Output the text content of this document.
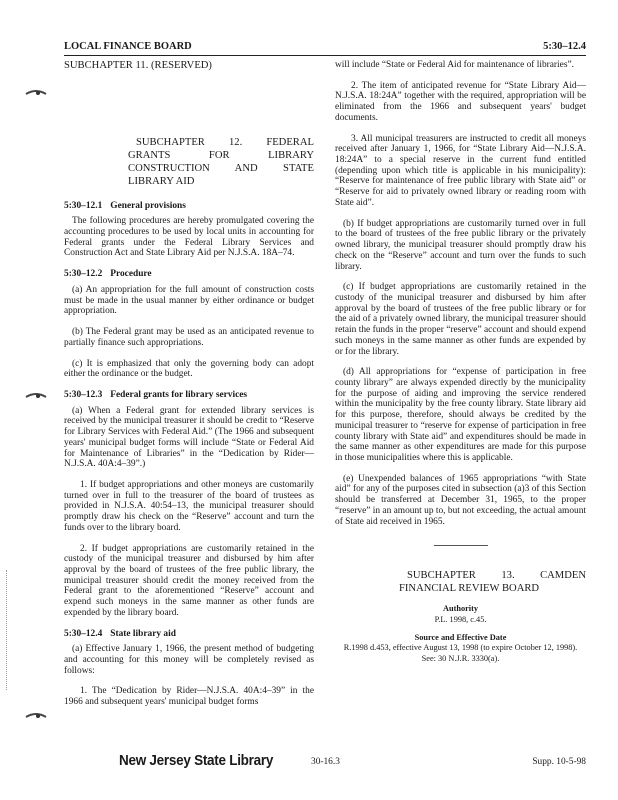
LOCAL FINANCE BOARD	5:30–12.4

SUBCHAPTER 11. (RESERVED)

SUBCHAPTER 12. FEDERAL GRANTS FOR LIBRARY CONSTRUCTION AND STATE LIBRARY AID

5:30–12.1 General provisions

The following procedures are hereby promulgated covering the accounting procedures to be used by local units in accounting for Federal grants under the Federal Library Services and Construction Act and State Library Aid per N.J.S.A. 18A–74.

5:30–12.2 Procedure

(a) An appropriation for the full amount of construction costs must be made in the usual manner by either ordinance or budget appropriation.

(b) The Federal grant may be used as an anticipated revenue to partially finance such appropriations.

(c) It is emphasized that only the governing body can adopt either the ordinance or the budget.

5:30–12.3 Federal grants for library services

(a) When a Federal grant for extended library services is received by the municipal treasurer it should be credit to “Reserve for Library Services with Federal Aid.” (The 1966 and subsequent years' municipal budget forms will include “State or Federal Aid for Maintenance of Libraries” in the “Dedication by Rider—N.J.S.A. 40A:4–39”.)

1. If budget appropriations and other moneys are customarily turned over in full to the treasurer of the board of trustees as provided in N.J.S.A. 40:54–13, the municipal treasurer should promptly draw his check on the “Reserve” account and turn the funds over to the library board.

2. If budget appropriations are customarily retained in the custody of the municipal treasurer and disbursed by him after approval by the board of trustees of the free public library, the municipal treasurer should credit the money received from the Federal grant to the aforementioned “Reserve” account and expend such moneys in the same manner as other funds are expended by the library board.

5:30–12.4 State library aid

(a) Effective January 1, 1966, the present method of budgeting and accounting for this money will be completely revised as follows:

1. The “Dedication by Rider—N.J.S.A. 40A:4–39” in the 1966 and subsequent years' municipal budget forms

will include “State or Federal Aid for maintenance of libraries”.

2. The item of anticipated revenue for “State Library Aid—N.J.S.A. 18:24A” together with the required, appropriation will be eliminated from the 1966 and subsequent years' budget documents.

3. All municipal treasurers are instructed to credit all moneys received after January 1, 1966, for “State Library Aid—N.J.S.A. 18:24A” to a special reserve in the current fund entitled (depending upon which title is applicable in his municipality): “Reserve for maintenance of free public library with State aid” or “Reserve for aid to privately owned library or reading room with State aid”.

(b) If budget appropriations are customarily turned over in full to the board of trustees of the free public library or the privately owned library, the municipal treasurer should promptly draw his check on the “Reserve” account and turn over the funds to such library.

(c) If budget appropriations are customarily retained in the custody of the municipal treasurer and disbursed by him after approval by the board of trustees of the free public library or for the aid of a privately owned library, the municipal treasurer should retain the funds in the proper “reserve” account and should expend such moneys in the same manner as other funds are expended by or for the library.

(d) All appropriations for “expense of participation in free county library” are always expended directly by the municipality for the purpose of aiding and improving the service rendered within the municipality by the free county library. State library aid for this purpose, therefore, should always be credited by the municipal treasurer to “reserve for expense of participation in free county library with State aid” and expenditures should be made in the same manner as other expenditures are made for this purpose in those municipalities where this is applicable.

(e) Unexpended balances of 1965 appropriations “with State aid” for any of the purposes cited in subsection (a)3 of this Section should be transferred at December 31, 1965, to the proper “reserve” in an amount up to, but not exceeding, the actual amount of State aid received in 1965.

SUBCHAPTER 13. CAMDEN FINANCIAL REVIEW BOARD

Authority
P.L. 1998, c.45.
Source and Effective Date
R.1998 d.453, effective August 13, 1998 (to expire October 12, 1998).
See: 30 N.J.R. 3330(a).
New Jersey State Library	30-16.3	Supp. 10-5-98
